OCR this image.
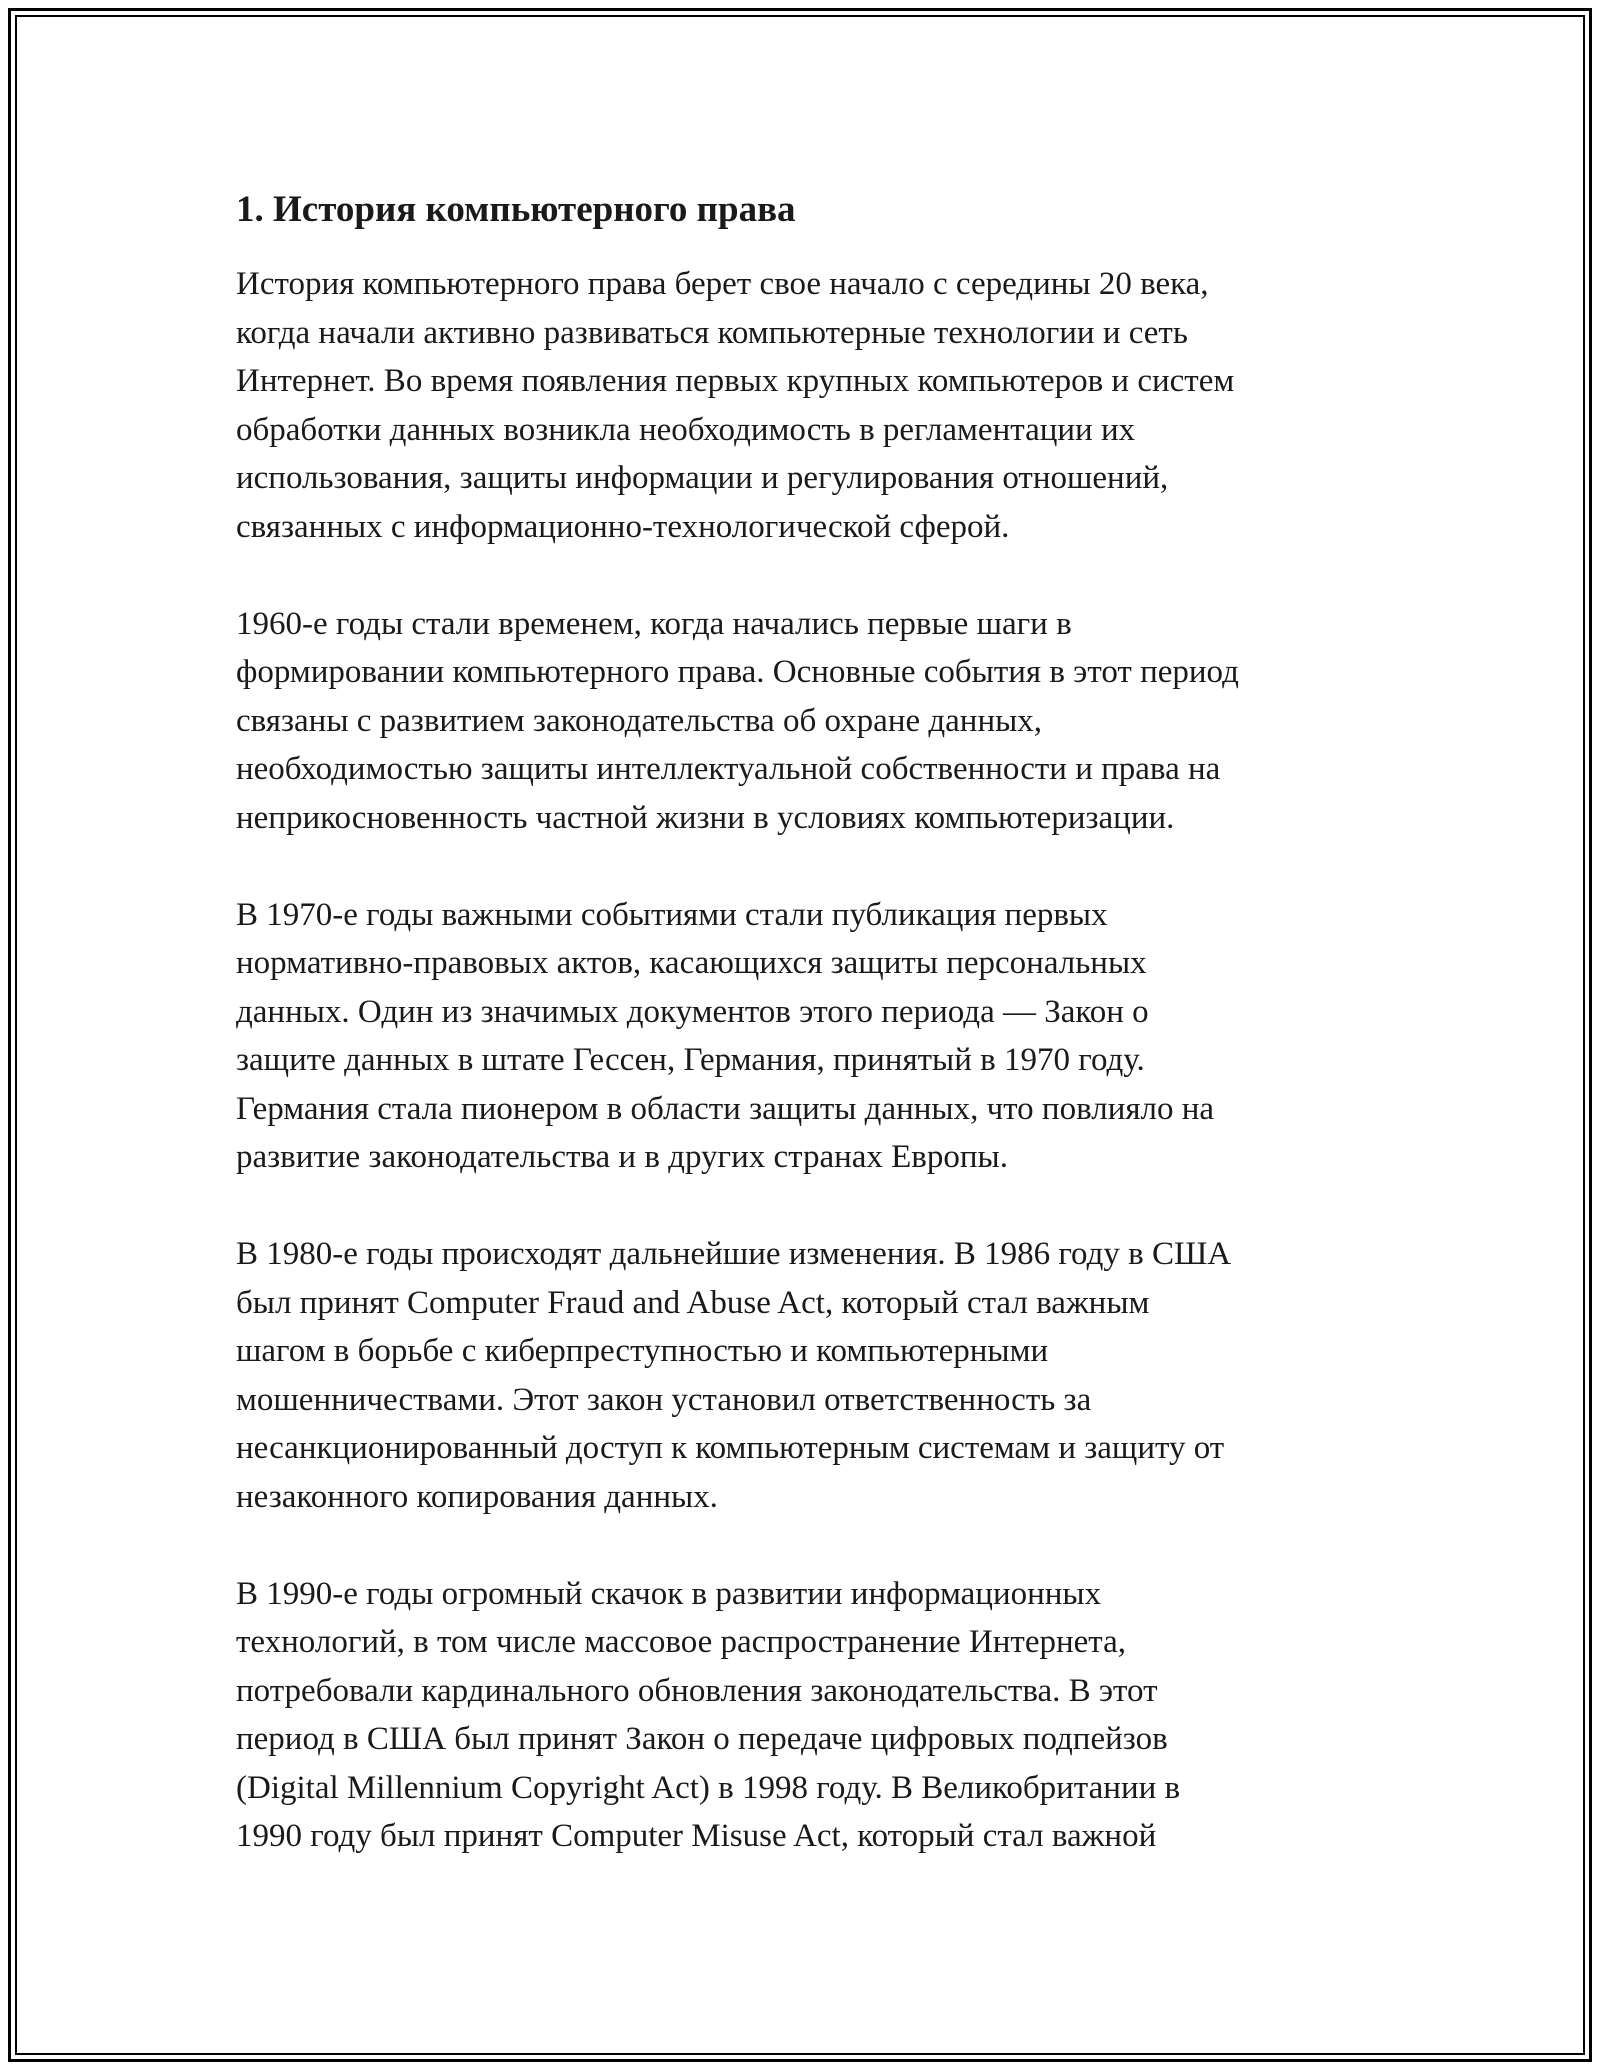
1. История компьютерного права

История компьютерного права берет свое начало с середины 20 века,
когда начали активно развиваться компьютерные технологии и сеть
Интернет. Во время появления первых крупных компьютеров и систем
обработки данных возникла необходимость в регламентации их
использования, защиты информации и регулирования отношений,
связанных с информационно-технологической сферой.

1960-е годы стали временем, когда начались первые шаги в
формировании компьютерного права. Основные события в этот период
связаны с развитием законодательства об охране данных,
необходимостью защиты интеллектуальной собственности и права на
неприкосновенность частной жизни в условиях компьютеризации.

В 1970-е годы важными событиями стали публикация первых
нормативно-правовых актов, касающихся защиты персональных
данных. Один из значимых документов этого периода — Закон о
защите данных в штате Гессен, Германия, принятый в 1970 году.
Германия стала пионером в области защиты данных, что повлияло на
развитие законодательства и в других странах Европы.

В 1980-е годы происходят дальнейшие изменения. В 1986 году в США
был принят Computer Fraud and Abuse Act, который стал важным
шагом в борьбе с киберпреступностью и компьютерными
мошенничествами. Этот закон установил ответственность за
несанкционированный доступ к компьютерным системам и защиту от
незаконного копирования данных.

В 1990-е годы огромный скачок в развитии информационных
технологий, в том числе массовое распространение Интернета,
потребовали кардинального обновления законодательства. В этот
период в США был принят Закон о передаче цифровых подпейзов
(Digital Millennium Copyright Act) в 1998 году. В Великобритании в
1990 году был принят Computer Misuse Act, который стал важной
